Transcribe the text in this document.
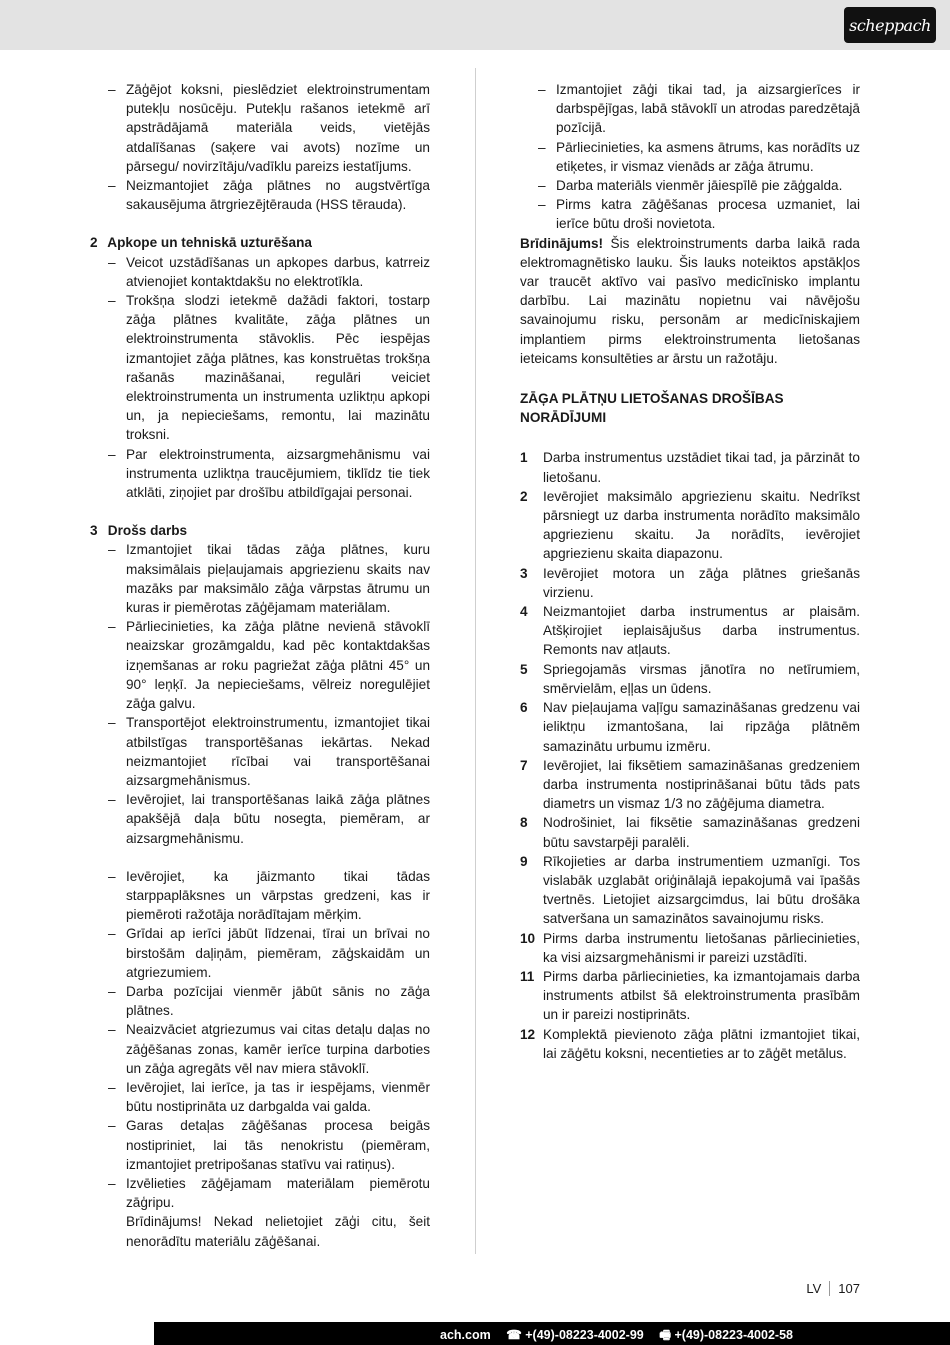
scheppach

– Zāģējot koksni, pieslēdziet elektroinstrumentam putekļu nosūcēju. Putekļu rašanos ietekmē arī apstrādājamā materiāla veids, vietējās atdalīšanas (saķere vai avots) nozīme un pārsegu/ novirzītāju/vadīklu pareizs iestatījums.

– Neizmantojiet zāģa plātnes no augstvērtīga sakausējuma ātrgriezējtērauda (HSS tērauda).

2 Apkope un tehniskā uzturēšana

– Veicot uzstādīšanas un apkopes darbus, katrreiz atvienojiet kontaktdakšu no elektrotīkla.

– Trokšņa slodzi ietekmē dažādi faktori, tostarp zāģa plātnes kvalitāte, zāģa plātnes un elektroinstrumenta stāvoklis. Pēc iespējas izmantojiet zāģa plātnes, kas konstruētas trokšņa rašanās mazināšanai, regulāri veiciet elektroinstrumenta un instrumenta uzliktņu apkopi un, ja nepieciešams, remontu, lai mazinātu troksni.

– Par elektroinstrumenta, aizsargmehānismu vai instrumenta uzliktņa traucējumiem, tiklīdz tie tiek atklāti, ziņojiet par drošību atbildīgajai personai.

3 Drošs darbs

– Izmantojiet tikai tādas zāģa plātnes, kuru maksimālais pieļaujamais apgriezienu skaits nav mazāks par maksimālo zāģa vārpstas ātrumu un kuras ir piemērotas zāģējamam materiālam.

– Pārliecinieties, ka zāģa plātne nevienā stāvoklī neaizskar grozāmgaldu, kad pēc kontaktdakšas izņemšanas ar roku pagriežat zāģa plātni 45° un 90° leņķī. Ja nepieciešams, vēlreiz noregulējiet zāģa galvu.

– Transportējot elektroinstrumentu, izmantojiet tikai atbilstīgas transportēšanas iekārtas. Nekad neizmantojiet rīcībai vai transportēšanai aizsargmehānismus.

– Ievērojiet, lai transportēšanas laikā zāģa plātnes apakšējā daļa būtu nosegta, piemēram, ar aizsargmehānismu.

– Ievērojiet, ka jāizmanto tikai tādas starppaplāksnes un vārpstas gredzeni, kas ir piemēroti ražotāja norādītajam mērķim.

– Grīdai ap ierīci jābūt līdzenai, tīrai un brīvai no birstošām daļiņām, piemēram, zāģskaidām un atgriezumiem.

– Darba pozīcijai vienmēr jābūt sānis no zāģa plātnes.

– Neaizvāciet atgriezumus vai citas detaļu daļas no zāģēšanas zonas, kamēr ierīce turpina darboties un zāģa agregāts vēl nav miera stāvoklī.

– Ievērojiet, lai ierīce, ja tas ir iespējams, vienmēr būtu nostiprināta uz darbgalda vai galda.

– Garas detaļas zāģēšanas procesa beigās nostipriniet, lai tās nenokristu (piemēram, izmantojiet pretripošanas statīvu vai ratiņus).

– Izvēlieties zāģējamam materiālam piemērotu zāģripu.

Brīdinājums! Nekad nelietojiet zāģi citu, šeit nenorādītu materiālu zāģēšanai.

– Izmantojiet zāģi tikai tad, ja aizsargierīces ir darbspējīgas, labā stāvoklī un atrodas paredzētajā pozīcijā.

– Pārliecinieties, ka asmens ātrums, kas norādīts uz etiķetes, ir vismaz vienāds ar zāģa ātrumu.

– Darba materiāls vienmēr jāiespīlē pie zāģgalda.

– Pirms katra zāģēšanas procesa uzmaniet, lai ierīce būtu droši novietota.

Brīdinājums! Šis elektroinstruments darba laikā rada elektromagnētisko lauku. Šis lauks noteiktos apstākļos var traucēt aktīvo vai pasīvo medicīnisko implantu darbību. Lai mazinātu nopietnu vai nāvējošu savainojumu risku, personām ar medicīniskajiem implantiem pirms elektroinstrumenta lietošanas ieteicams konsultēties ar ārstu un ražotāju.

ZĀĢA PLĀTŅU LIETOŠANAS DROŠĪBAS NORĀDĪJUMI

1 Darba instrumentus uzstādiet tikai tad, ja pārzināt to lietošanu.

2 Ievērojiet maksimālo apgriezienu skaitu. Nedrīkst pārsniegt uz darba instrumenta norādīto maksimālo apgriezienu skaitu. Ja norādīts, ievērojiet apgriezienu skaita diapazonu.

3 Ievērojiet motora un zāģa plātnes griešanās virzienu.

4 Neizmantojiet darba instrumentus ar plaisām. Atšķirojiet ieplaisājušus darba instrumentus. Remonts nav atļauts.

5 Spriegojamās virsmas jānotīra no netīrumiem, smērvielām, eļļas un ūdens.

6 Nav pieļaujama vaļīgu samazināšanas gredzenu vai ieliktņu izmantošana, lai ripzāģa plātnēm samazinātu urbumu izmēru.

7 Ievērojiet, lai fiksētiem samazināšanas gredzeniem darba instrumenta nostiprināšanai būtu tāds pats diametrs un vismaz 1/3 no zāģējuma diametra.

8 Nodrošiniet, lai fiksētie samazināšanas gredzeni būtu savstarpēji paralēli.

9 Rīkojieties ar darba instrumentiem uzmanīgi. Tos vislabāk uzglabāt oriģinālajā iepakojumā vai īpašās tvertnēs. Lietojiet aizsargcimdus, lai būtu drošāka satveršana un samazinātos savainojumu risks.

10 Pirms darba instrumentu lietošanas pārliecinieties, ka visi aizsargmehānismi ir pareizi uzstādīti.

11 Pirms darba pārliecinieties, ka izmantojamais darba instruments atbilst šā elektroinstrumenta prasībām un ir pareizi nostiprināts.

12 Komplektā pievienoto zāģa plātni izmantojiet tikai, lai zāģētu koksni, necentieties ar to zāģēt metālus.

LV	107
ach.com ☎ +(49)-08223-4002-99 🖷 +(49)-08223-4002-58
